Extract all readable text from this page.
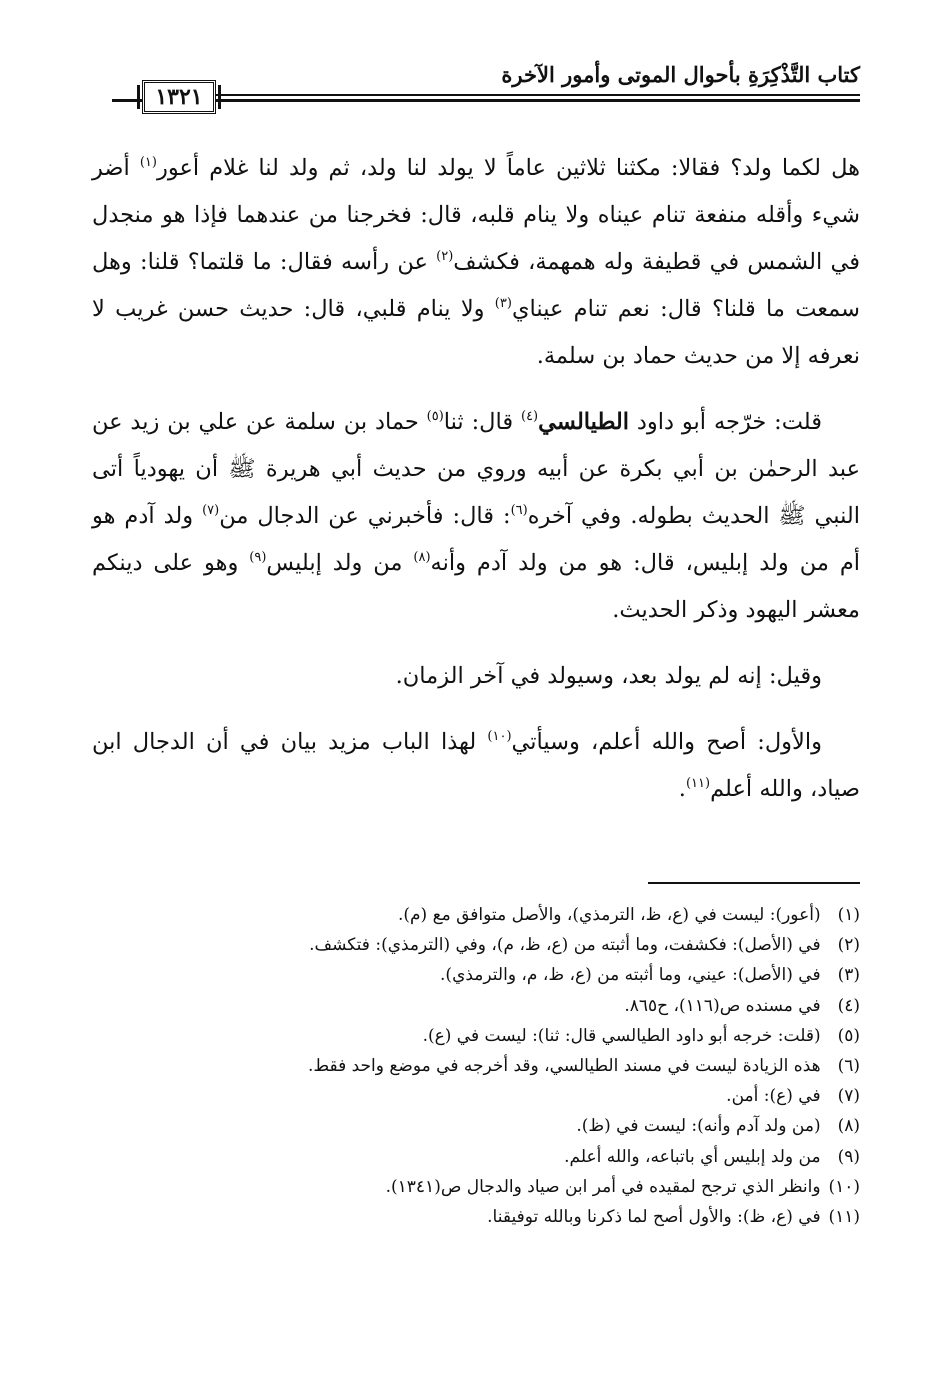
كتاب التَّذْكِرَةِ بأحوال الموتى وأمور الآخرة
١٣٢١

هل لكما ولد؟ فقالا: مكثنا ثلاثين عاماً لا يولد لنا ولد، ثم ولد لنا غلام أعور$^{(١)}$ أضر شيء وأقله منفعة تنام عيناه ولا ينام قلبه، قال: فخرجنا من عندهما فإذا هو منجدل في الشمس في قطيفة وله همهمة، فكشف$^{(٢)}$ عن رأسه فقال: ما قلتما؟ قلنا: وهل سمعت ما قلنا؟ قال: نعم تنام عيناي$^{(٣)}$ ولا ينام قلبي، قال: حديث حسن غريب لا نعرفه إلا من حديث حماد بن سلمة.

قلت: خرّجه أبو داود الطيالسي$^{(٤)}$ قال: ثنا$^{(٥)}$ حماد بن سلمة عن علي بن زيد عن عبد الرحمٰن بن أبي بكرة عن أبيه وروي من حديث أبي هريرة ﷺ أن يهودياً أتى النبي ﷺ الحديث بطوله. وفي آخره$^{(٦)}$: قال: فأخبرني عن الدجال من$^{(٧)}$ ولد آدم هو أم من ولد إبليس، قال: هو من ولد آدم وأنه$^{(٨)}$ من ولد إبليس$^{(٩)}$ وهو على دينكم معشر اليهود وذكر الحديث.

وقيل: إنه لم يولد بعد، وسيولد في آخر الزمان.

والأول: أصح والله أعلم، وسيأتي$^{(١٠)}$ لهذا الباب مزيد بيان في أن الدجال ابن صياد، والله أعلم$^{(١١)}$.

(١) (أعور): ليست في (ع، ظ، الترمذي)، والأصل متوافق مع (م).
(٢) في (الأصل): فكشفت، وما أثبته من (ع، ظ، م)، وفي (الترمذي): فتكشف.
(٣) في (الأصل): عيني، وما أثبته من (ع، ظ، م، والترمذي).
(٤) في مسنده ص(١١٦)، ح٨٦٥.
(٥) (قلت: خرجه أبو داود الطيالسي قال: ثنا): ليست في (ع).
(٦) هذه الزيادة ليست في مسند الطيالسي، وقد أخرجه في موضع واحد فقط.
(٧) في (ع): أمن.
(٨) (من ولد آدم وأنه): ليست في (ظ).
(٩) من ولد إبليس أي باتباعه، والله أعلم.
(١٠) وانظر الذي ترجح لمقيده في أمر ابن صياد والدجال ص(١٣٤١).
(١١) في (ع، ظ): والأول أصح لما ذكرنا وبالله توفيقنا.
